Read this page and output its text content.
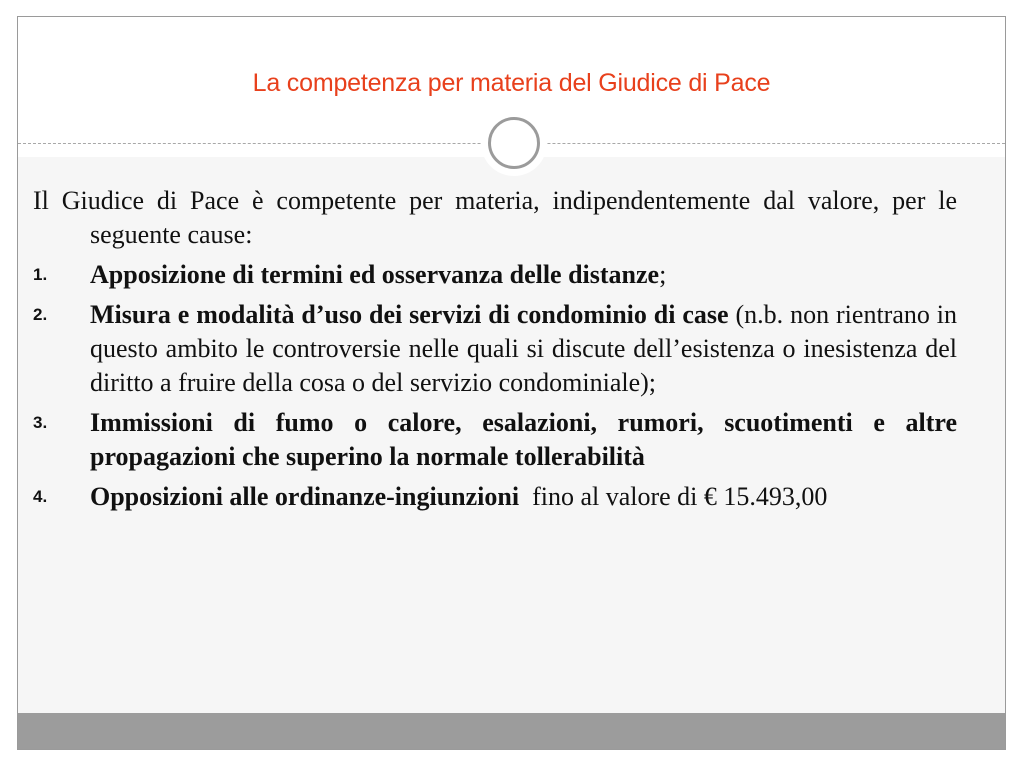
La competenza per materia del Giudice di Pace

Il Giudice di Pace è competente per materia, indipendentemente dal valore, per le seguente cause:

1. Apposizione di termini ed osservanza delle distanze;
2. Misura e modalità d’uso dei servizi di condominio di case (n.b. non rientrano in questo ambito le controversie nelle quali si discute dell’esistenza o inesistenza del diritto a fruire della cosa o del servizio condominiale);
3. Immissioni di fumo o calore, esalazioni, rumori, scuotimenti e altre propagazioni che superino la normale tollerabilità
4. Opposizioni alle ordinanze-ingiunzioni  fino al valore di € 15.493,00
